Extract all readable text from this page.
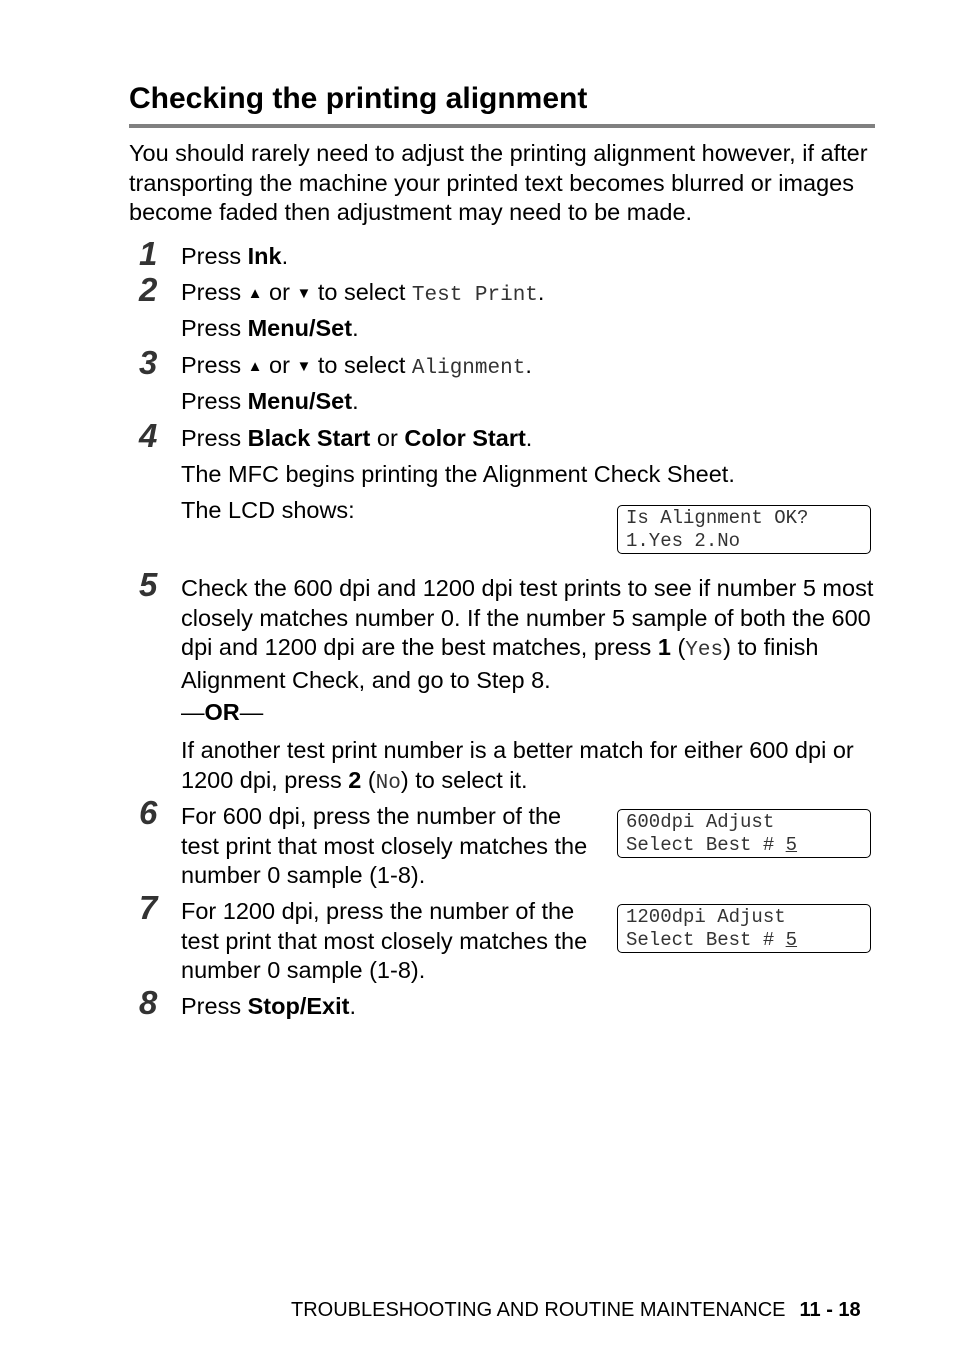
Checking the printing alignment

You should rarely need to adjust the printing alignment however, if after transporting the machine your printed text becomes blurred or images become faded then adjustment may need to be made.

1 Press Ink.
2 Press ▲ or ▼ to select Test Print.
Press Menu/Set.
3 Press ▲ or ▼ to select Alignment.
Press Menu/Set.
4 Press Black Start or Color Start.
The MFC begins printing the Alignment Check Sheet.
The LCD shows:	Is Alignment OK?
1.Yes 2.No
5 Check the 600 dpi and 1200 dpi test prints to see if number 5 most closely matches number 0. If the number 5 sample of both the 600 dpi and 1200 dpi are the best matches, press 1 (Yes) to finish Alignment Check, and go to Step 8.
—OR—
If another test print number is a better match for either 600 dpi or 1200 dpi, press 2 (No) to select it.
6 For 600 dpi, press the number of the test print that most closely matches the number 0 sample (1-8).
600dpi Adjust
Select Best # 5
7 For 1200 dpi, press the number of the test print that most closely matches the number 0 sample (1-8).
1200dpi Adjust
Select Best # 5
8 Press Stop/Exit.
TROUBLESHOOTING AND ROUTINE MAINTENANCE 11 - 18
